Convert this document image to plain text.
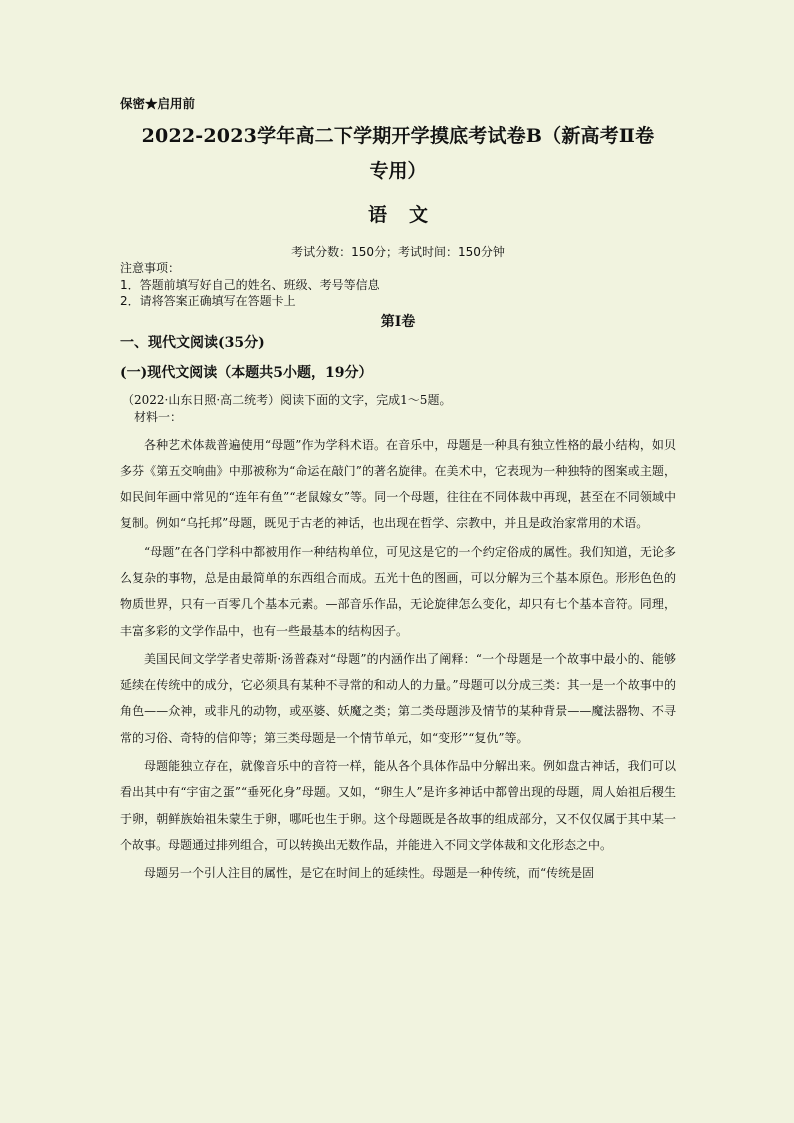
保密★启用前
2022-2023学年高二下学期开学摸底考试卷B（新高考Ⅱ卷
专用）
语文
考试分数：150分；考试时间：150分钟
注意事项：
1．答题前填写好自己的姓名、班级、考号等信息
2．请将答案正确填写在答题卡上
第I卷
一、现代文阅读(35分)
(一)现代文阅读（本题共5小题，19分）
（2022·山东日照·高二统考）阅读下面的文字，完成1～5题。
材料一：

各种艺术体裁普遍使用“母题”作为学科术语。在音乐中，母题是一种具有独立性格的最小结构，如贝多芬《第五交响曲》中那被称为“命运在敲门”的著名旋律。在美术中，它表现为一种独特的图案或主题，如民间年画中常见的“连年有鱼”“老鼠嫁女”等。同一个母题，往往在不同体裁中再现，甚至在不同领域中复制。例如“乌托邦”母题，既见于古老的神话，也出现在哲学、宗教中，并且是政治家常用的术语。

“母题”在各门学科中都被用作一种结构单位，可见这是它的一个约定俗成的属性。我们知道，无论多么复杂的事物，总是由最简单的东西组合而成。五光十色的图画，可以分解为三个基本原色。形形色色的物质世界，只有一百零几个基本元素。—部音乐作品，无论旋律怎么变化，却只有七个基本音符。同理，丰富多彩的文学作品中，也有一些最基本的结构因子。

美国民间文学学者史蒂斯·汤普森对“母题”的内涵作出了阐释：“一个母题是一个故事中最小的、能够延续在传统中的成分，它必须具有某种不寻常的和动人的力量。”母题可以分成三类：其一是一个故事中的角色——众神，或非凡的动物，或巫婆、妖魔之类；第二类母题涉及情节的某种背景——魔法器物、不寻常的习俗、奇特的信仰等；第三类母题是一个情节单元，如“变形”“复仇”等。

母题能独立存在，就像音乐中的音符一样，能从各个具体作品中分解出来。例如盘古神话，我们可以看出其中有“宇宙之蛋”“垂死化身”母题。又如，“卵生人”是许多神话中都曾出现的母题，周人始祖后稷生于卵，朝鲜族始祖朱蒙生于卵，哪吒也生于卵。这个母题既是各故事的组成部分，又不仅仅属于其中某一个故事。母题通过排列组合，可以转换出无数作品，并能进入不同文学体裁和文化形态之中。

母题另一个引人注目的属性，是它在时间上的延续性。母题是一种传统，而“传统是固
